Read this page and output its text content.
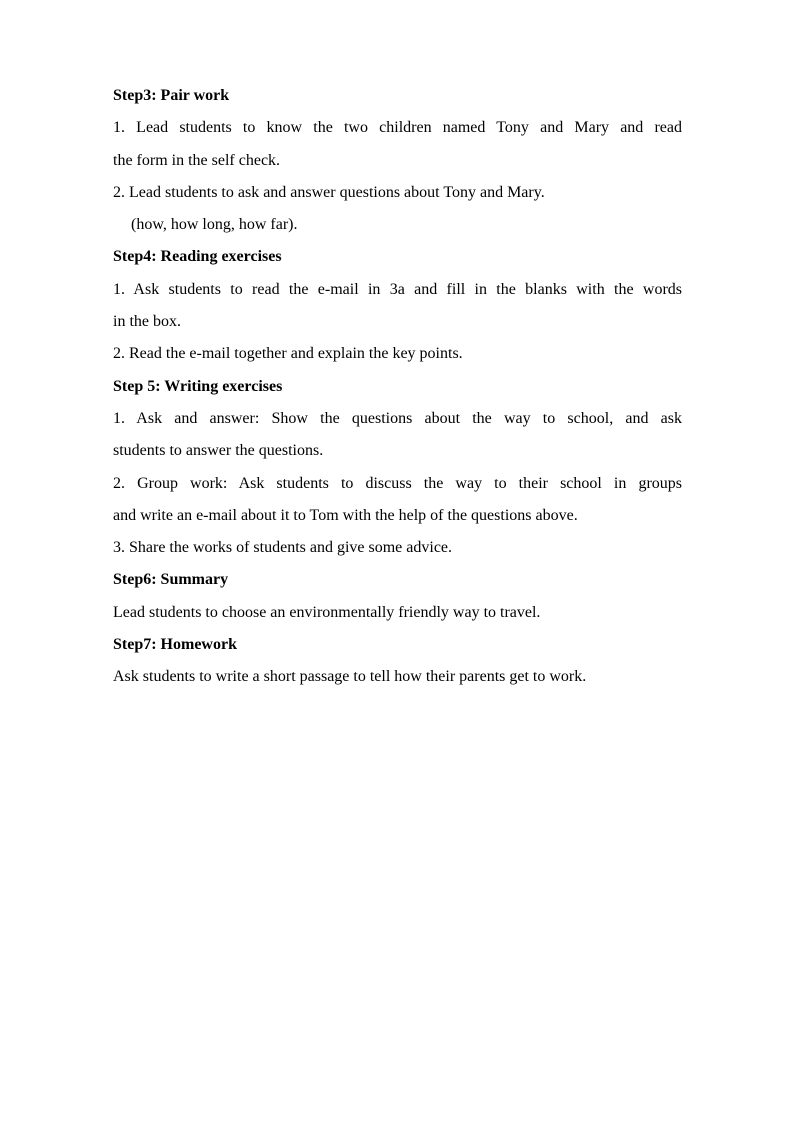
Step3: Pair work
1. Lead students to know the two children named Tony and Mary and read
the form in the self check.
2. Lead students to ask and answer questions about Tony and Mary.
(how, how long, how far).
Step4: Reading exercises
1. Ask students to read the e-mail in 3a and fill in the blanks with the words
in the box.
2. Read the e-mail together and explain the key points.
Step 5: Writing exercises
1. Ask and answer: Show the questions about the way to school, and ask
students to answer the questions.
2. Group work: Ask students to discuss the way to their school in groups
and write an e-mail about it to Tom with the help of the questions above.
3. Share the works of students and give some advice.
Step6: Summary
Lead students to choose an environmentally friendly way to travel.
Step7: Homework
Ask students to write a short passage to tell how their parents get to work.
